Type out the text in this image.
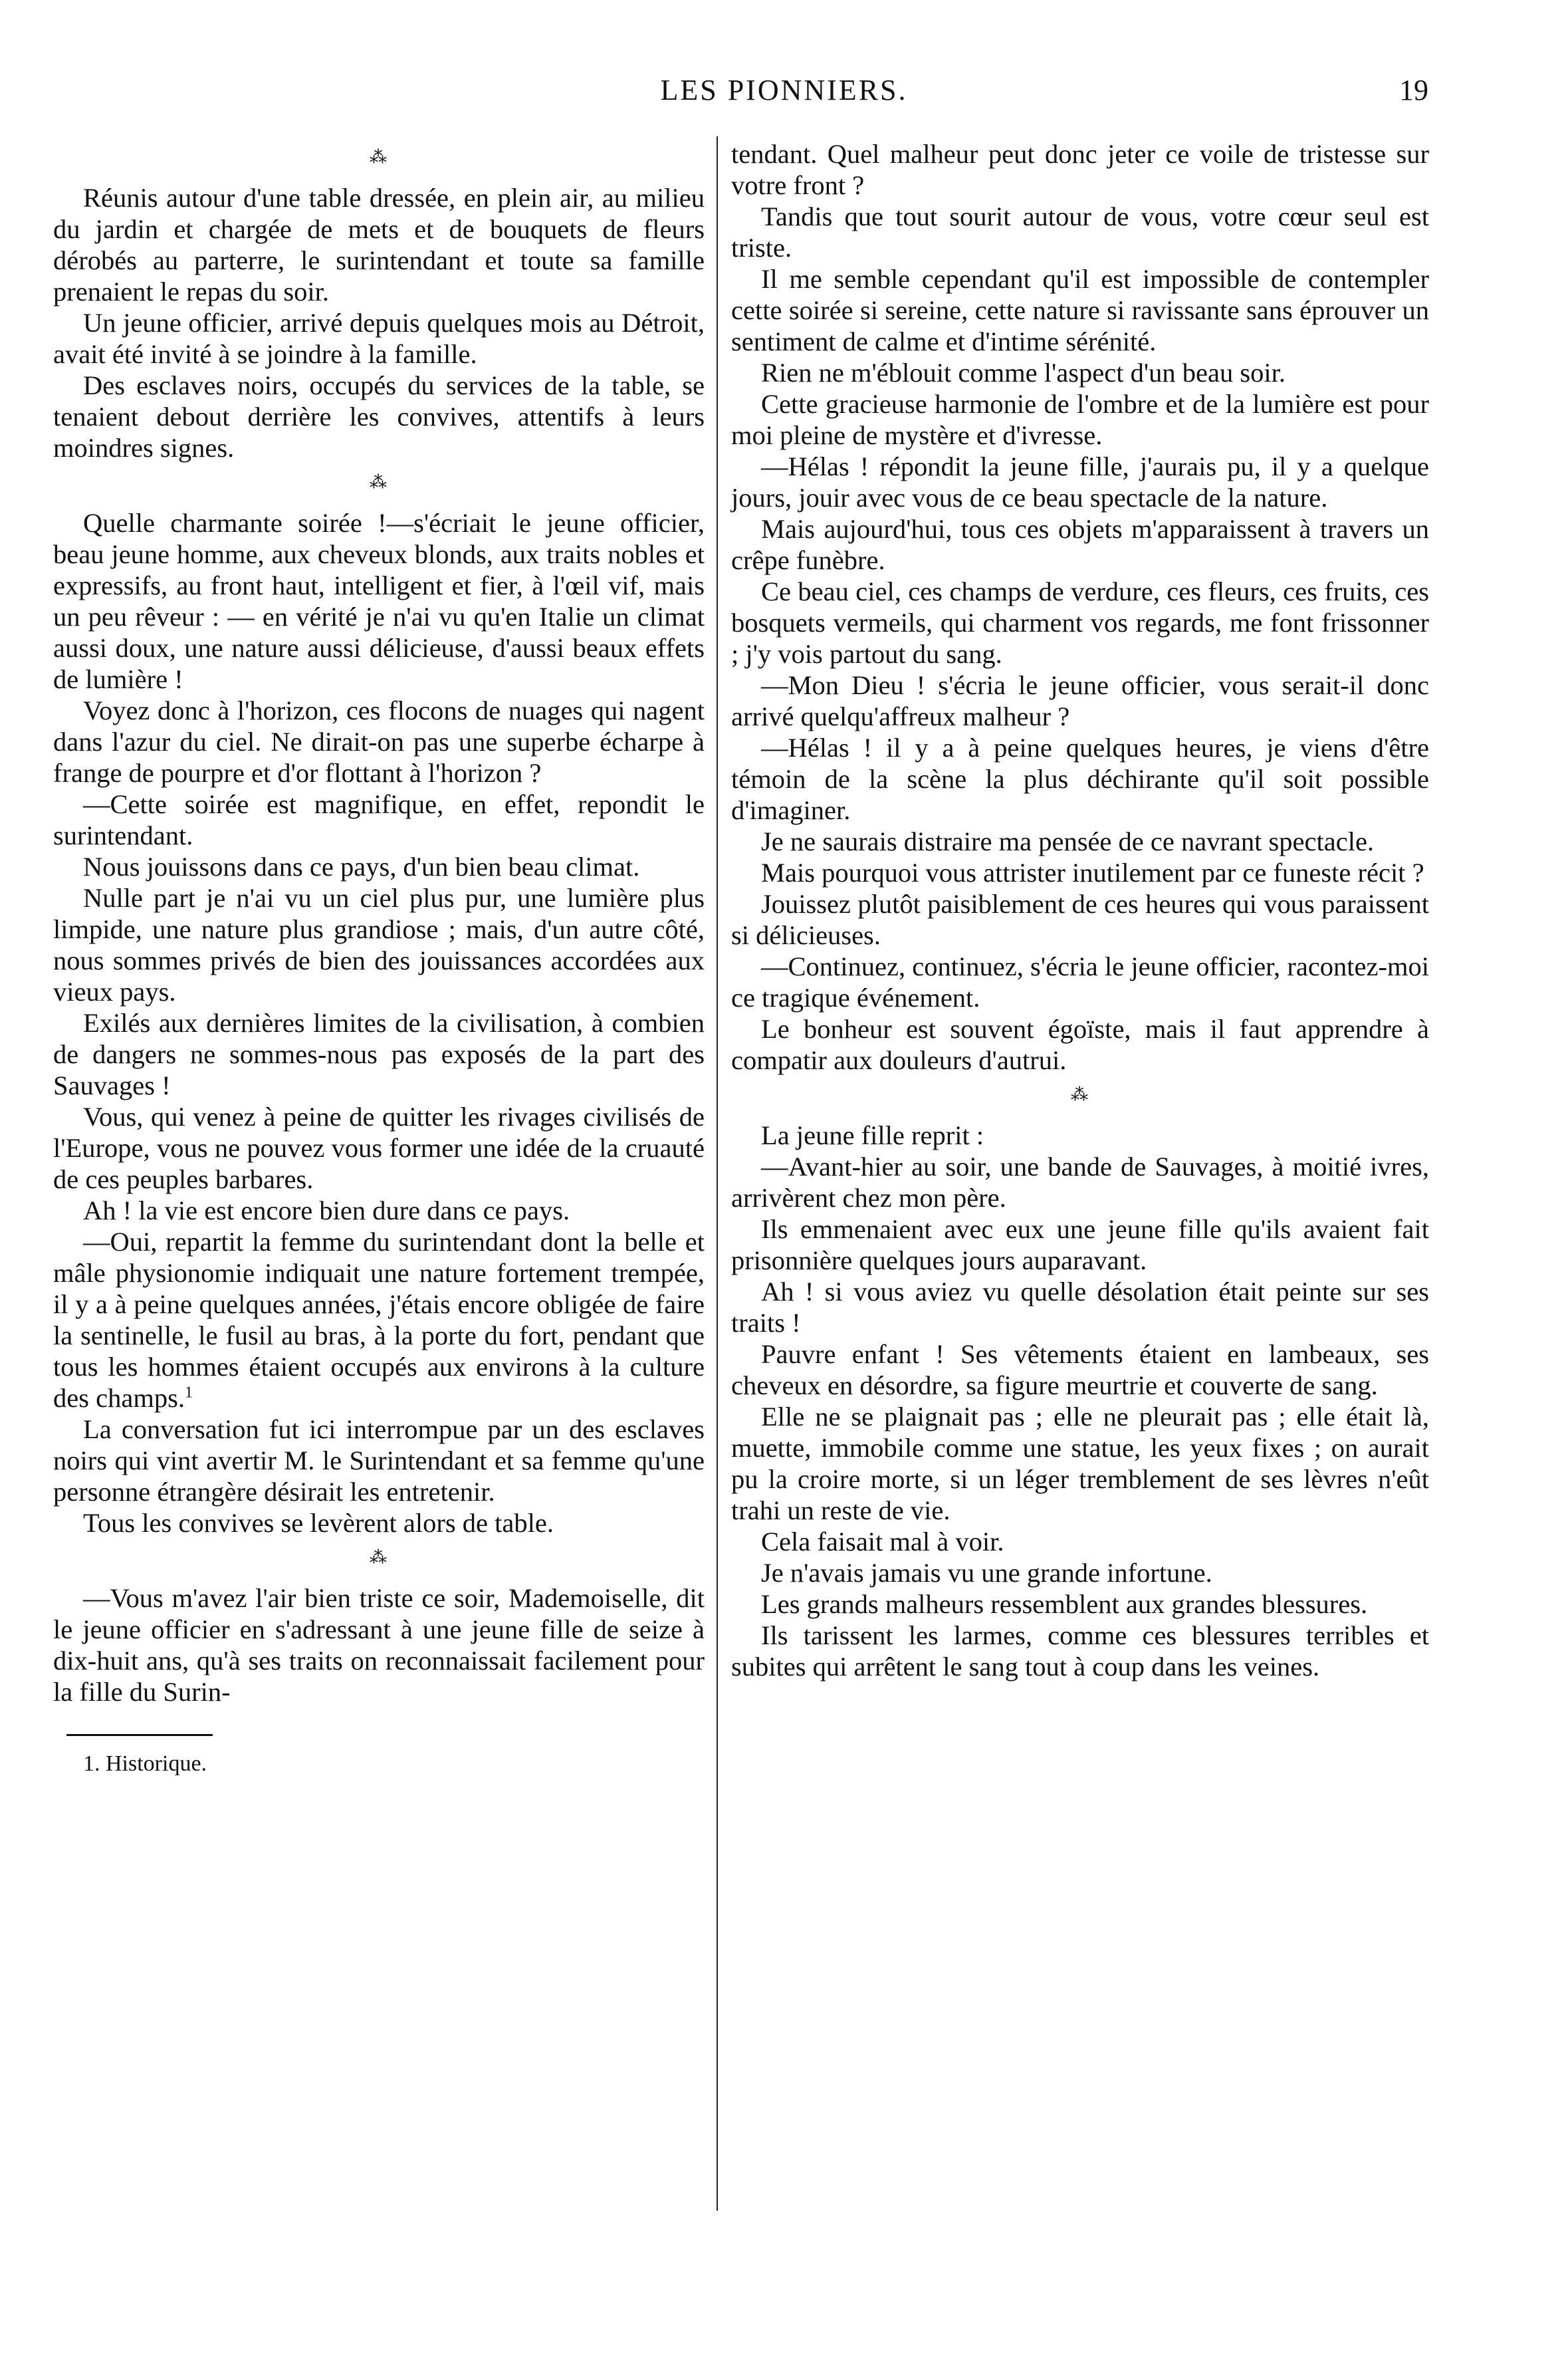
LES PIONNIERS.	19
⁂

Réunis autour d'une table dressée, en plein air, au milieu du jardin et chargée de mets et de bouquets de fleurs dérobés au parterre, le surintendant et toute sa famille prenaient le repas du soir.

Un jeune officier, arrivé depuis quelques mois au Détroit, avait été invité à se joindre à la famille.

Des esclaves noirs, occupés du services de la table, se tenaient debout derrière les convives, attentifs à leurs moindres signes.

⁂

Quelle charmante soirée !—s'écriait le jeune officier, beau jeune homme, aux cheveux blonds, aux traits nobles et expressifs, au front haut, intelligent et fier, à l'œil vif, mais un peu rêveur : — en vérité je n'ai vu qu'en Italie un climat aussi doux, une nature aussi délicieuse, d'aussi beaux effets de lumière !

Voyez donc à l'horizon, ces flocons de nuages qui nagent dans l'azur du ciel. Ne dirait-on pas une superbe écharpe à frange de pourpre et d'or flottant à l'horizon ?

—Cette soirée est magnifique, en effet, repondit le surintendant.

Nous jouissons dans ce pays, d'un bien beau climat.

Nulle part je n'ai vu un ciel plus pur, une lumière plus limpide, une nature plus grandiose ; mais, d'un autre côté, nous sommes privés de bien des jouissances accordées aux vieux pays.

Exilés aux dernières limites de la civilisation, à combien de dangers ne sommes-nous pas exposés de la part des Sauvages !

Vous, qui venez à peine de quitter les rivages civilisés de l'Europe, vous ne pouvez vous former une idée de la cruauté de ces peuples barbares.

Ah ! la vie est encore bien dure dans ce pays.

—Oui, repartit la femme du surintendant dont la belle et mâle physionomie indiquait une nature fortement trempée, il y a à peine quelques années, j'étais encore obligée de faire la sentinelle, le fusil au bras, à la porte du fort, pendant que tous les hommes étaient occupés aux environs à la culture des champs.$^1$

La conversation fut ici interrompue par un des esclaves noirs qui vint avertir M. le Surintendant et sa femme qu'une personne étrangère désirait les entretenir.

Tous les convives se levèrent alors de table.

⁂

—Vous m'avez l'air bien triste ce soir, Mademoiselle, dit le jeune officier en s'adressant à une jeune fille de seize à dix-huit ans, qu'à ses traits on reconnaissait facilement pour la fille du Surin-

1. Historique.

tendant. Quel malheur peut donc jeter ce voile de tristesse sur votre front ?

Tandis que tout sourit autour de vous, votre cœur seul est triste.

Il me semble cependant qu'il est impossible de contempler cette soirée si sereine, cette nature si ravissante sans éprouver un sentiment de calme et d'intime sérénité.

Rien ne m'éblouit comme l'aspect d'un beau soir.

Cette gracieuse harmonie de l'ombre et de la lumière est pour moi pleine de mystère et d'ivresse.

—Hélas ! répondit la jeune fille, j'aurais pu, il y a quelque jours, jouir avec vous de ce beau spectacle de la nature.

Mais aujourd'hui, tous ces objets m'apparaissent à travers un crêpe funèbre.

Ce beau ciel, ces champs de verdure, ces fleurs, ces fruits, ces bosquets vermeils, qui charment vos regards, me font frissonner ; j'y vois partout du sang.

—Mon Dieu ! s'écria le jeune officier, vous serait-il donc arrivé quelqu'affreux malheur ?

—Hélas ! il y a à peine quelques heures, je viens d'être témoin de la scène la plus déchirante qu'il soit possible d'imaginer.

Je ne saurais distraire ma pensée de ce navrant spectacle.

Mais pourquoi vous attrister inutilement par ce funeste récit ?

Jouissez plutôt paisiblement de ces heures qui vous paraissent si délicieuses.

—Continuez, continuez, s'écria le jeune officier, racontez-moi ce tragique événement.

Le bonheur est souvent égoïste, mais il faut apprendre à compatir aux douleurs d'autrui.

⁂

La jeune fille reprit :

—Avant-hier au soir, une bande de Sauvages, à moitié ivres, arrivèrent chez mon père.

Ils emmenaient avec eux une jeune fille qu'ils avaient fait prisonnière quelques jours auparavant.

Ah ! si vous aviez vu quelle désolation était peinte sur ses traits !

Pauvre enfant ! Ses vêtements étaient en lambeaux, ses cheveux en désordre, sa figure meurtrie et couverte de sang.

Elle ne se plaignait pas ; elle ne pleurait pas ; elle était là, muette, immobile comme une statue, les yeux fixes ; on aurait pu la croire morte, si un léger tremblement de ses lèvres n'eût trahi un reste de vie.

Cela faisait mal à voir.

Je n'avais jamais vu une grande infortune.

Les grands malheurs ressemblent aux grandes blessures.

Ils tarissent les larmes, comme ces blessures terribles et subites qui arrêtent le sang tout à coup dans les veines.
